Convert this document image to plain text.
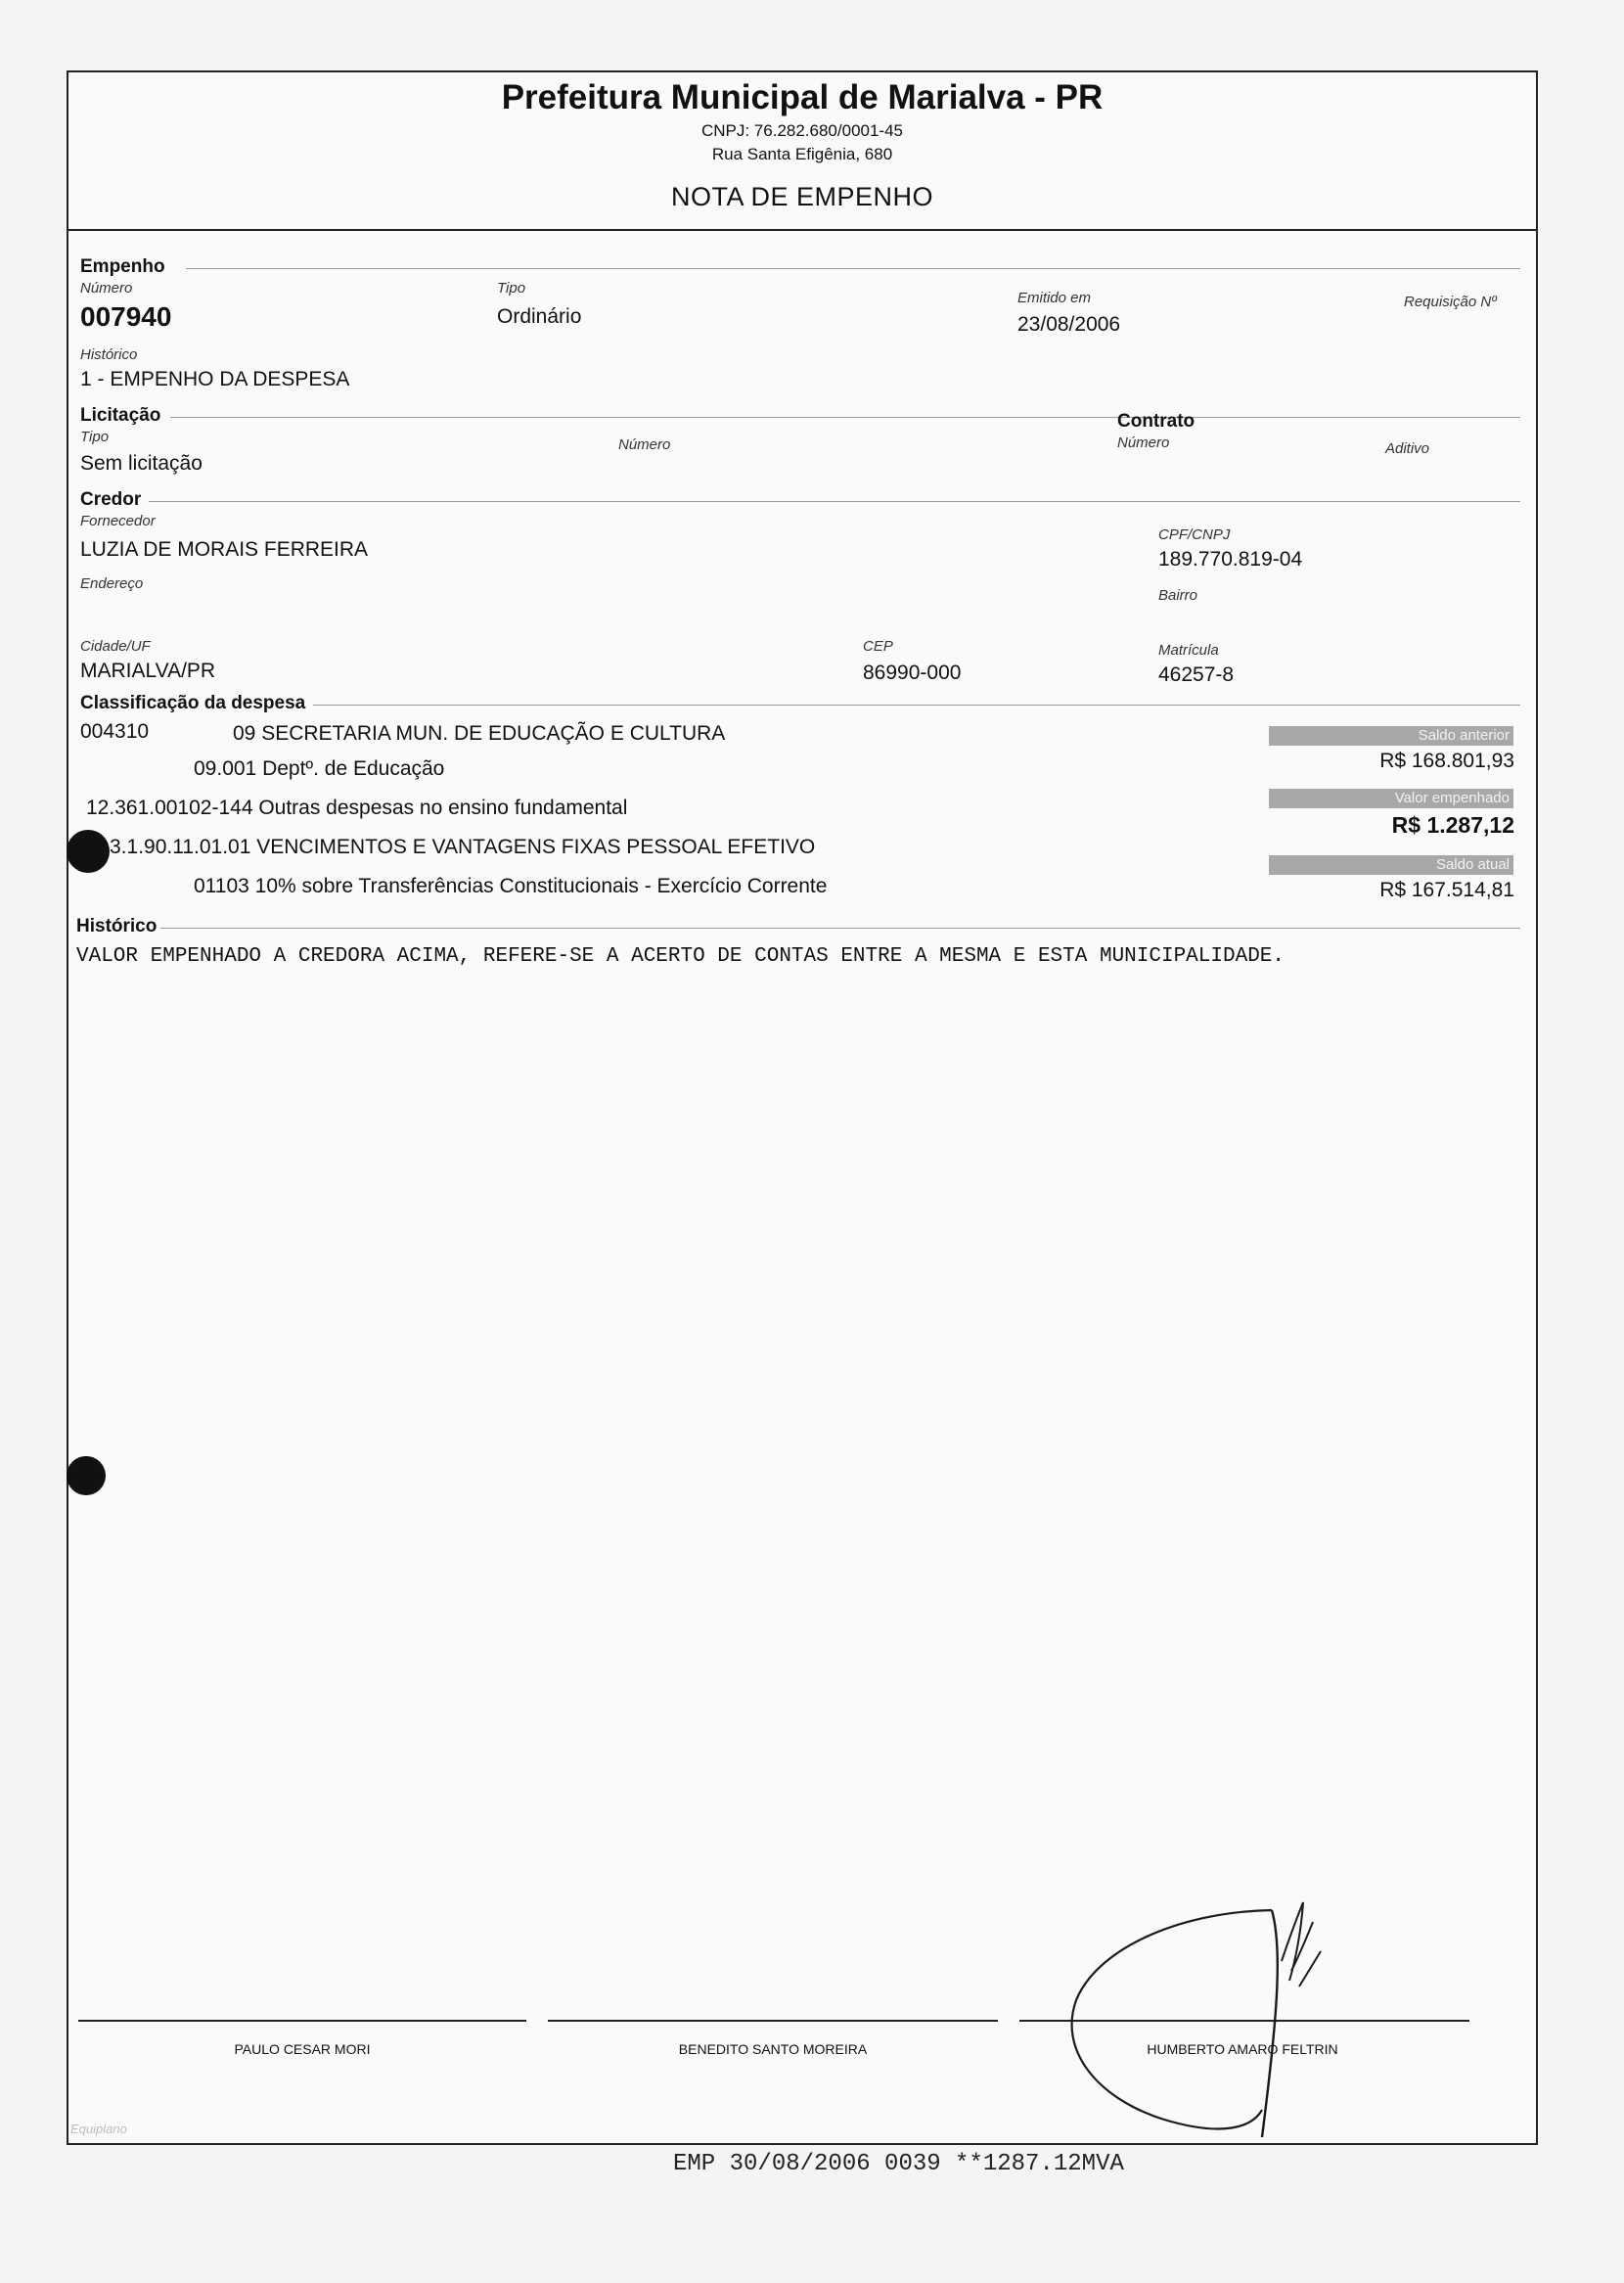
Prefeitura Municipal de Marialva - PR
CNPJ: 76.282.680/0001-45
Rua Santa Efigênia, 680
NOTA DE EMPENHO
Empenho
Número
007940
Tipo
Ordinário
Emitido em
23/08/2006
Requisição Nº
Histórico
1 - EMPENHO DA DESPESA
Licitação
Tipo
Sem licitação
Número
Contrato
Número	Aditivo
Credor
Fornecedor
LUZIA DE MORAIS FERREIRA
CPF/CNPJ
189.770.819-04
Endereço
Bairro
Cidade/UF
MARIALVA/PR
CEP
86990-000
Matrícula
46257-8
Classificação da despesa
004310	09 SECRETARIA MUN. DE EDUCAÇÃO E CULTURA
09.001 Deptº. de Educação
12.361.00102-144 Outras despesas no ensino fundamental
3.1.90.11.01.01 VENCIMENTOS E VANTAGENS FIXAS PESSOAL EFETIVO
01103 10% sobre Transferências Constitucionais - Exercício Corrente
Saldo anterior
R$ 168.801,93
Valor empenhado
R$ 1.287,12
Saldo atual
R$ 167.514,81
Histórico
VALOR EMPENHADO A CREDORA ACIMA, REFERE-SE A ACERTO DE CONTAS ENTRE A MESMA E ESTA MUNICIPALIDADE.
PAULO CESAR MORI	BENEDITO SANTO MOREIRA	HUMBERTO AMARO FELTRIN
Equiplano
EMP 30/08/2006 0039 **1287.12MVA
